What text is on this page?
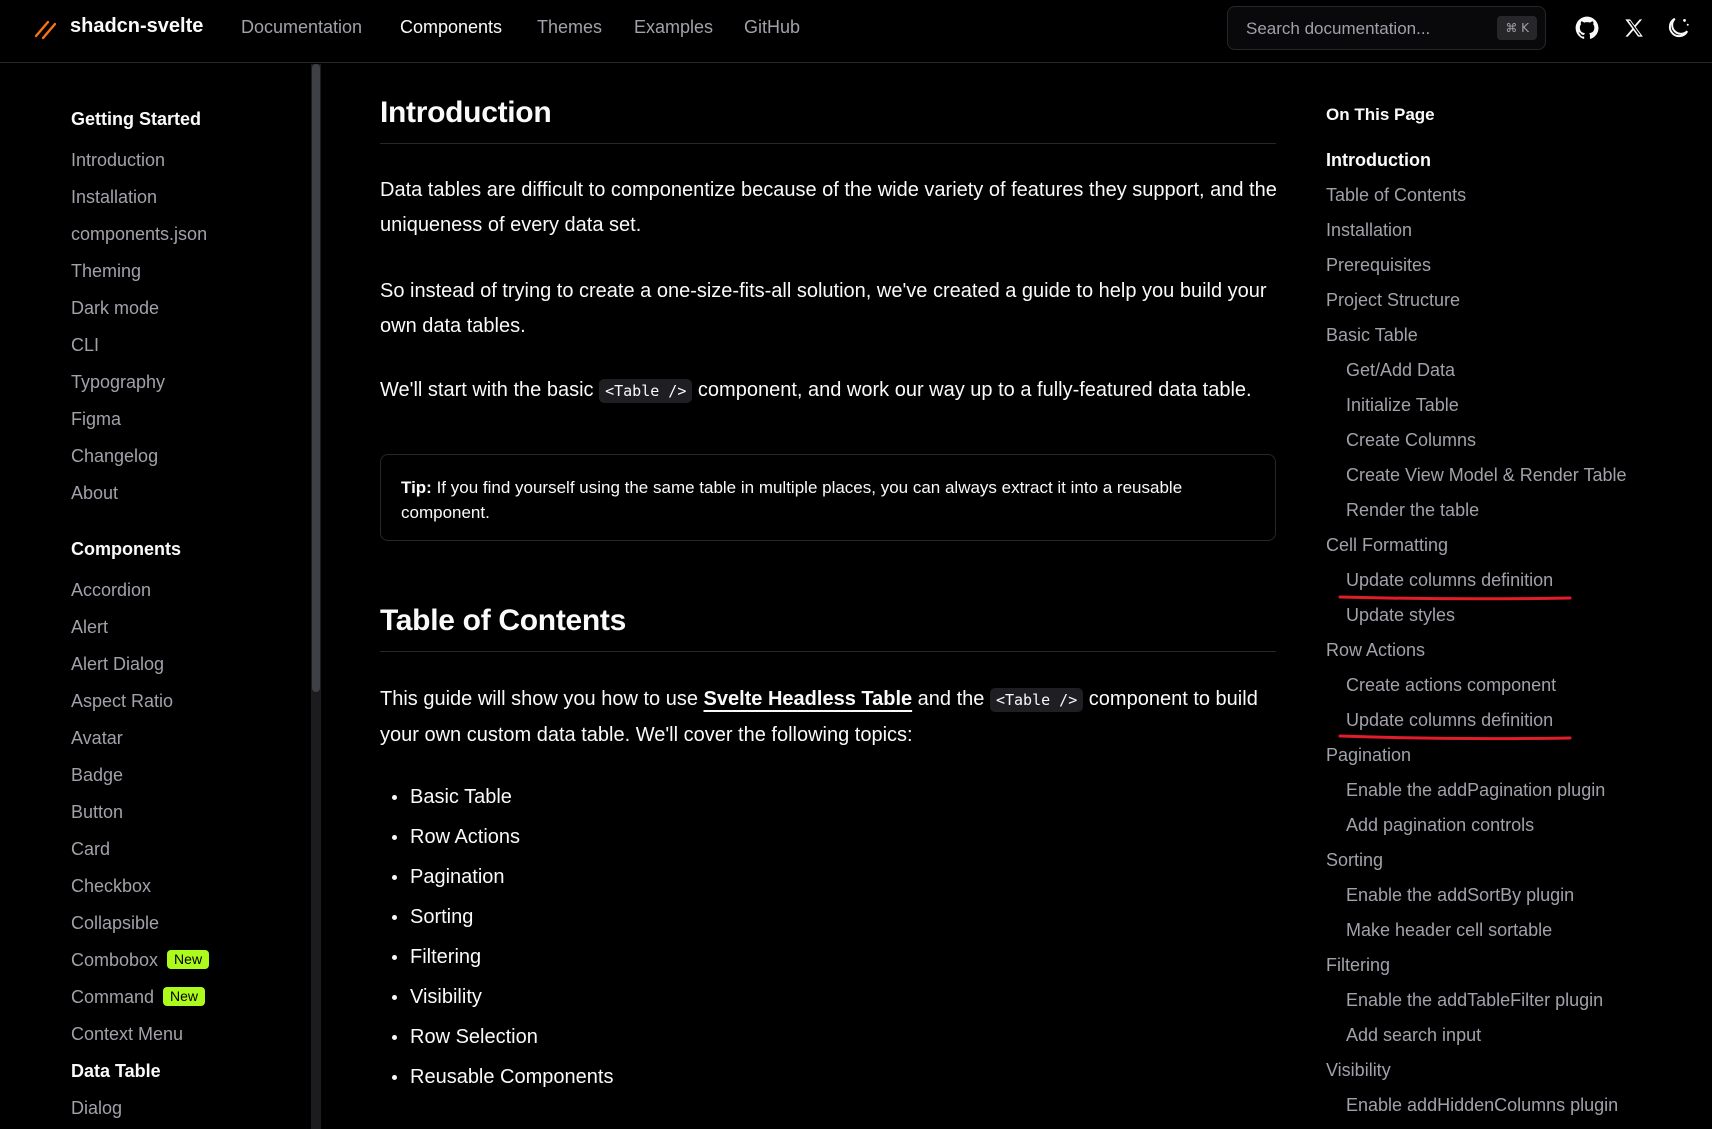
shadcn-svelte Documentation Components Themes Examples GitHub	Search documentation...	⌘ K
Getting Started
Introduction
Installation
components.json
Theming
Dark mode
CLI
Typography
Figma
Changelog
About
Components
Accordion
Alert
Alert Dialog
Aspect Ratio
Avatar
Badge
Button
Card
Checkbox
Collapsible
Combobox New
Command New
Context Menu
Data Table
Dialog
Introduction

Data tables are difficult to componentize because of the wide variety of features they support, and the uniqueness of every data set.

So instead of trying to create a one-size-fits-all solution, we've created a guide to help you build your own data tables.

We'll start with the basic <Table /> component, and work our way up to a fully-featured data table.

Tip: If you find yourself using the same table in multiple places, you can always extract it into a reusable component.
Table of Contents

This guide will show you how to use Svelte Headless Table and the <Table /> component to build your own custom data table. We'll cover the following topics:

Basic Table
Row Actions
Pagination
Sorting
Filtering
Visibility
Row Selection
Reusable Components
On This Page
Introduction
Table of Contents
Installation
Prerequisites
Project Structure
Basic Table
Get/Add Data
Initialize Table
Create Columns
Create View Model & Render Table
Render the table
Cell Formatting
Update columns definition
Update styles
Row Actions
Create actions component
Update columns definition
Pagination
Enable the addPagination plugin
Add pagination controls
Sorting
Enable the addSortBy plugin
Make header cell sortable
Filtering
Enable the addTableFilter plugin
Add search input
Visibility
Enable addHiddenColumns plugin
